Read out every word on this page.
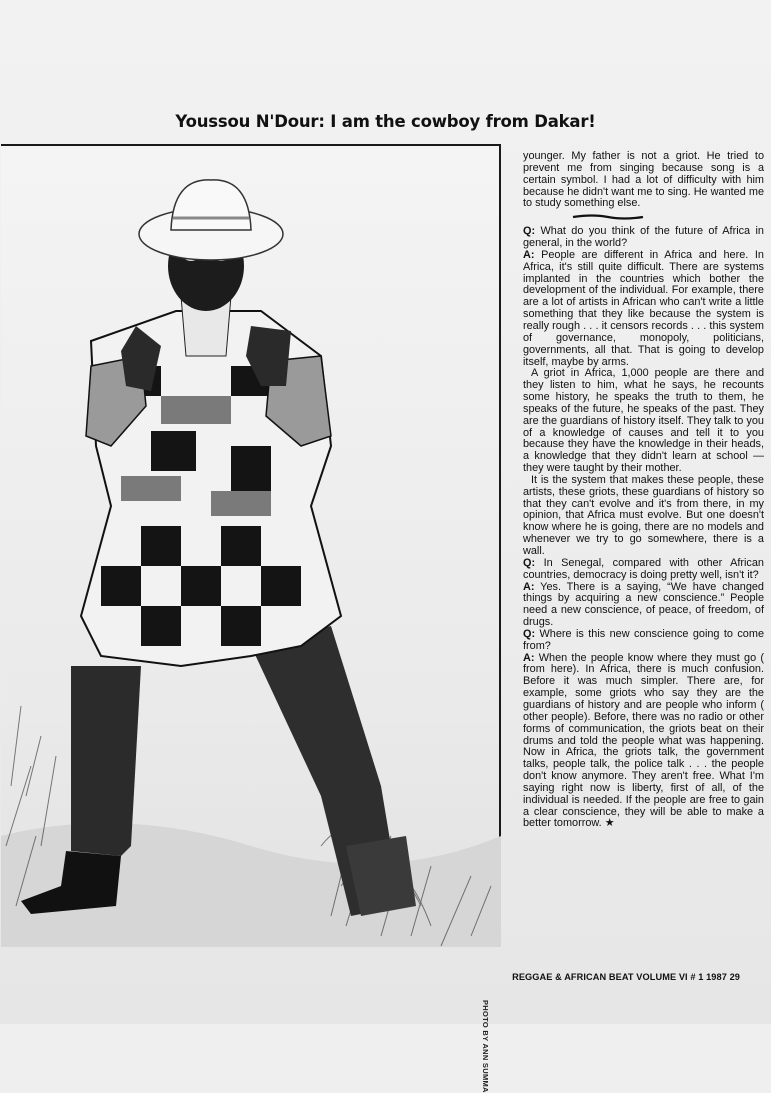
Youssou N'Dour: I am the cowboy from Dakar!
PHOTO BY ANN SUMMA

younger. My father is not a griot. He tried to prevent me from singing because song is a certain symbol. I had a lot of difficulty with him because he didn't want me to sing. He wanted me to study something else.

Q: What do you think of the future of Africa in general, in the world?

A: People are different in Africa and here. In Africa, it's still quite difficult. There are systems implanted in the countries which bother the development of the individual. For example, there are a lot of artists in African who can't write a little something that they like because the system is really rough . . . it censors records . . . this system of governance, monopoly, politicians, governments, all that. That is going to develop itself, maybe by arms.

A griot in Africa, 1,000 people are there and they listen to him, what he says, he recounts some history, he speaks the truth to them, he speaks of the future, he speaks of the past. They are the guardians of history itself. They talk to you of a knowledge of causes and tell it to you because they have the knowledge in their heads, a knowledge that they didn't learn at school — they were taught by their mother.

It is the system that makes these people, these artists, these griots, these guardians of history so that they can't evolve and it's from there, in my opinion, that Africa must evolve. But one doesn't know where he is going, there are no models and whenever we try to go somewhere, there is a wall.

Q: In Senegal, compared with other African countries, democracy is doing pretty well, isn't it?

A: Yes. There is a saying, “We have changed things by acquiring a new conscience.” People need a new conscience, of peace, of freedom, of drugs.

Q: Where is this new conscience going to come from?

A: When the people know where they must go ( from here). In Africa, there is much confusion. Before it was much simpler. There are, for example, some griots who say they are the guardians of history and are people who inform ( other people). Before, there was no radio or other forms of communication, the griots beat on their drums and told the people what was happening. Now in Africa, the griots talk, the government talks, people talk, the police talk . . . the people don't know anymore. They aren't free. What I'm saying right now is liberty, first of all, of the individual is needed. If the people are free to gain a clear conscience, they will be able to make a better tomorrow. ★

REGGAE & AFRICAN BEAT VOLUME VI # 1 1987 29
